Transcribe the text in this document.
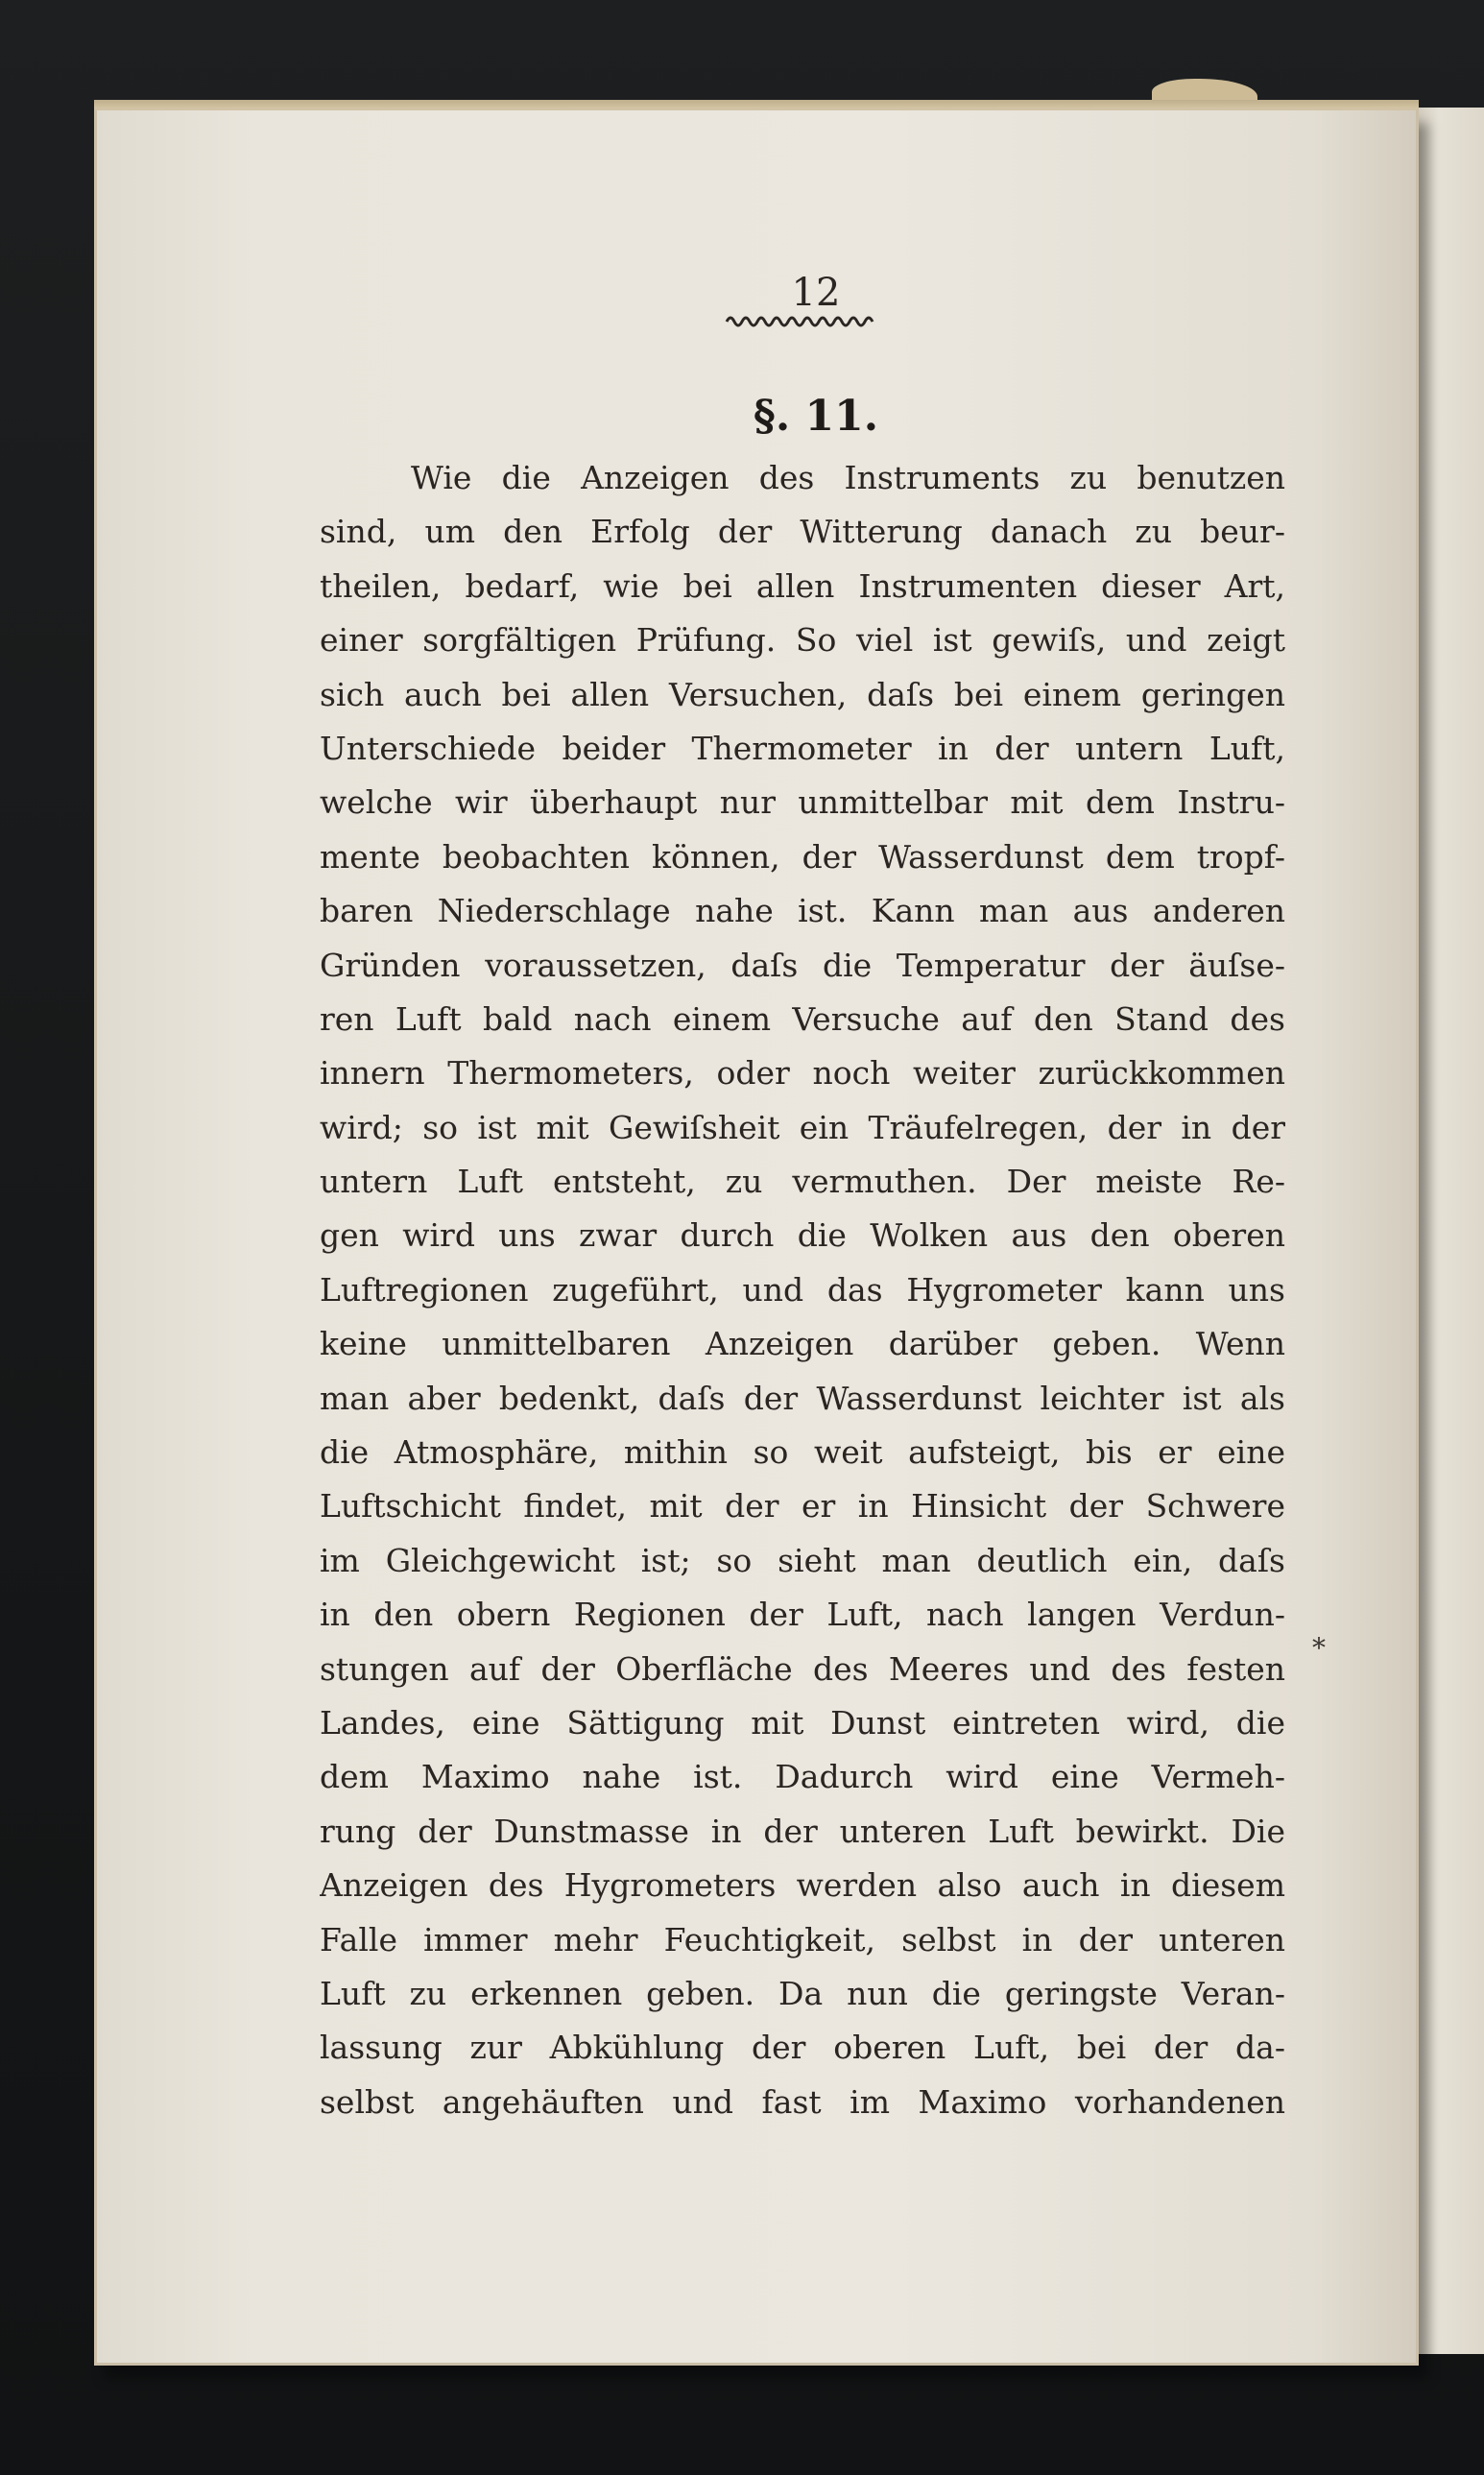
12
§. 11.
Wie die Anzeigen des Instruments zu benutzen
sind, um den Erfolg der Witterung danach zu beur-
theilen, bedarf, wie bei allen Instrumenten dieser Art,
einer sorgfältigen Prüfung. So viel ist gewiſs, und zeigt
sich auch bei allen Versuchen, daſs bei einem geringen
Unterschiede beider Thermometer in der untern Luft,
welche wir überhaupt nur unmittelbar mit dem Instru-
mente beobachten können, der Wasserdunst dem tropf-
baren Niederschlage nahe ist. Kann man aus anderen
Gründen voraussetzen, daſs die Temperatur der äuſse-
ren Luft bald nach einem Versuche auf den Stand des
innern Thermometers, oder noch weiter zurückkommen
wird; so ist mit Gewiſsheit ein Träufelregen, der in der
untern Luft entsteht, zu vermuthen. Der meiste Re-
gen wird uns zwar durch die Wolken aus den oberen
Luftregionen zugeführt, und das Hygrometer kann uns
keine unmittelbaren Anzeigen darüber geben. Wenn
man aber bedenkt, daſs der Wasserdunst leichter ist als
die Atmosphäre, mithin so weit aufsteigt, bis er eine
Luftschicht findet, mit der er in Hinsicht der Schwere
im Gleichgewicht ist; so sieht man deutlich ein, daſs
in den obern Regionen der Luft, nach langen Verdun-
stungen auf der Oberfläche des Meeres und des festen
Landes, eine Sättigung mit Dunst eintreten wird, die
dem Maximo nahe ist. Dadurch wird eine Vermeh-
rung der Dunstmasse in der unteren Luft bewirkt. Die
Anzeigen des Hygrometers werden also auch in diesem
Falle immer mehr Feuchtigkeit, selbst in der unteren
Luft zu erkennen geben. Da nun die geringste Veran-
lassung zur Abkühlung der oberen Luft, bei der da-
selbst angehäuften und fast im Maximo vorhandenen
*
